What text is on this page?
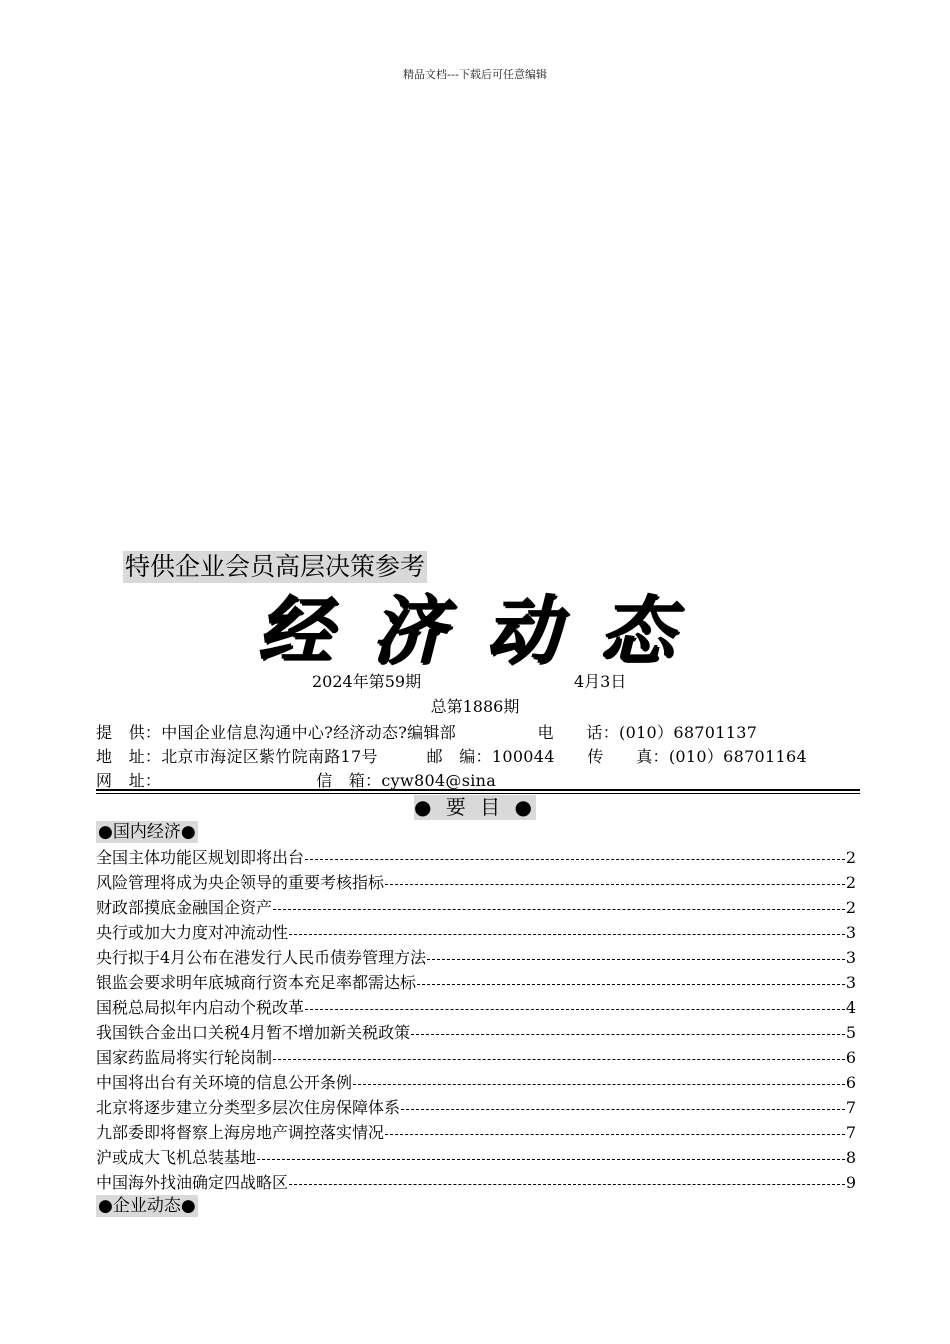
精品文档---下载后可任意编辑
特供企业会员高层决策参考
经济动态
2024年第59期	4月3日
总第1886期
提　供：中国企业信息沟通中心?经济动态?编辑部　　　　　电　　话：(010）68701137
地　址：北京市海淀区紫竹院南路17号　　　邮　编：100044　　传　　真：(010）68701164
网　址：　　　　　　　　　　信　箱：cyw804@sina
● 要 目 ●
●国内经济●
全国主体功能区规划即将出台	2
风险管理将成为央企领导的重要考核指标	2
财政部摸底金融国企资产	2
央行或加大力度对冲流动性	3
央行拟于4月公布在港发行人民币债券管理方法	3
银监会要求明年底城商行资本充足率都需达标	3
国税总局拟年内启动个税改革	4
我国铁合金出口关税4月暂不增加新关税政策	5
国家药监局将实行轮岗制	6
中国将出台有关环境的信息公开条例	6
北京将逐步建立分类型多层次住房保障体系	7
九部委即将督察上海房地产调控落实情况	7
沪或成大飞机总装基地	8
中国海外找油确定四战略区	9
●企业动态●
